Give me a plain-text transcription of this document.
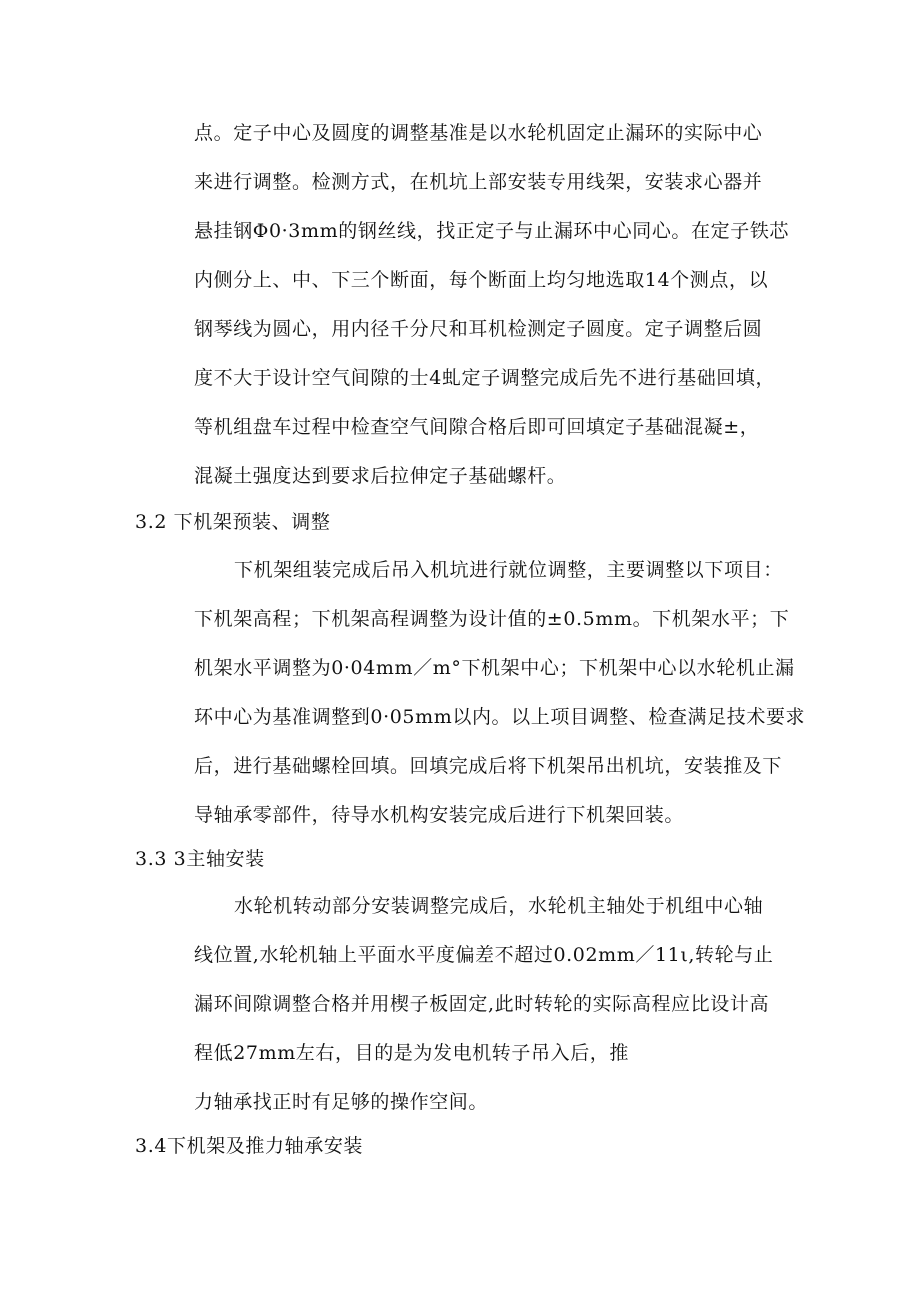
点。定子中心及圆度的调整基准是以水轮机固定止漏环的实际中心
来进行调整。检测方式，在机坑上部安装专用线架，安装求心器并
悬挂钢Φ0·3mm的钢丝线，找正定子与止漏环中心同心。在定子铁芯
内侧分上、中、下三个断面，每个断面上均匀地选取14个测点，以
钢琴线为圆心，用内径千分尺和耳机检测定子圆度。定子调整后圆
度不大于设计空气间隙的士4虬定子调整完成后先不进行基础回填，
等机组盘车过程中检查空气间隙合格后即可回填定子基础混凝±，
混凝土强度达到要求后拉伸定子基础螺杆。
3.2 下机架预装、调整
下机架组装完成后吊入机坑进行就位调整，主要调整以下项目：
下机架高程；下机架高程调整为设计值的±0.5mm。下机架水平；下
机架水平调整为0·04mm／m°下机架中心；下机架中心以水轮机止漏
环中心为基准调整到0·05mm以内。以上项目调整、检查满足技术要求
后，进行基础螺栓回填。回填完成后将下机架吊出机坑，安装推及下
导轴承零部件，待导水机构安装完成后进行下机架回装。
3.3 3主轴安装
水轮机转动部分安装调整完成后，水轮机主轴处于机组中心轴
线位置,水轮机轴上平面水平度偏差不超过0.02mm／11ι,转轮与止
漏环间隙调整合格并用楔子板固定,此时转轮的实际高程应比设计高
程低27mm左右，目的是为发电机转子吊入后，推
力轴承找正时有足够的操作空间。
3.4下机架及推力轴承安装
